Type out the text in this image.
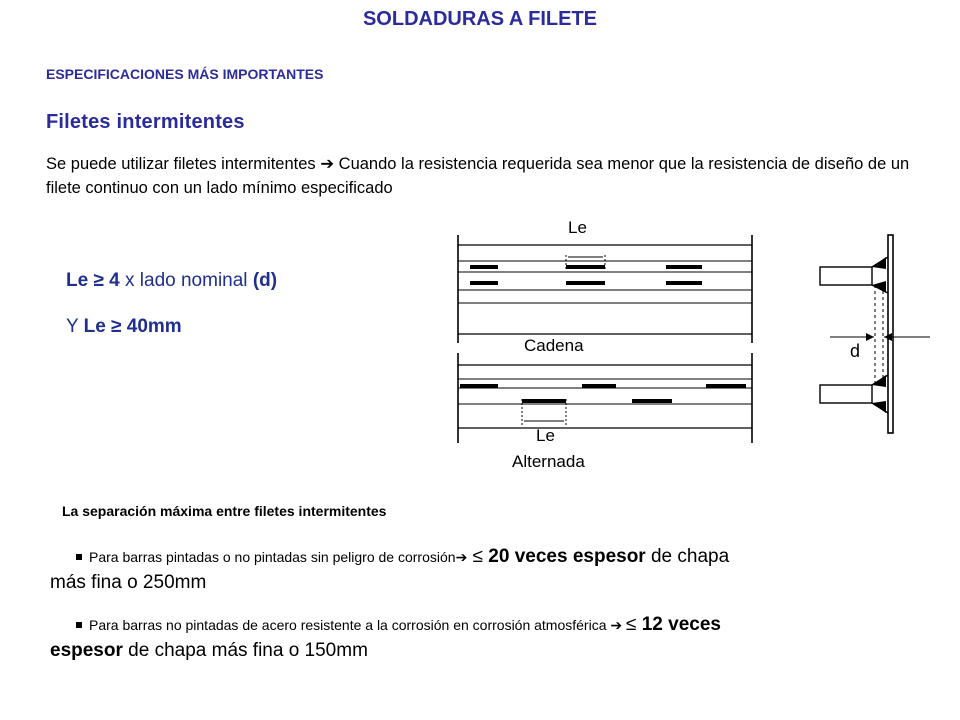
SOLDADURAS A FILETE
ESPECIFICACIONES MÁS IMPORTANTES
Filetes intermitentes
Se puede utilizar filetes intermitentes ➔ Cuando la resistencia requerida sea menor que la resistencia de diseño de un filete continuo con un lado mínimo especificado
Le ≥ 4 x lado nominal (d)
Y Le ≥ 40mm
Le
Cadena
Le
Alternada
d
La separación máxima entre filetes intermitentes
Para barras pintadas o no pintadas sin peligro de corrosión➔ ≤ 20 veces espesor de chapa
más fina o 250mm
Para barras no pintadas de acero resistente a la corrosión en corrosión atmosférica ➔ ≤ 12 veces
espesor de chapa más fina o 150mm
